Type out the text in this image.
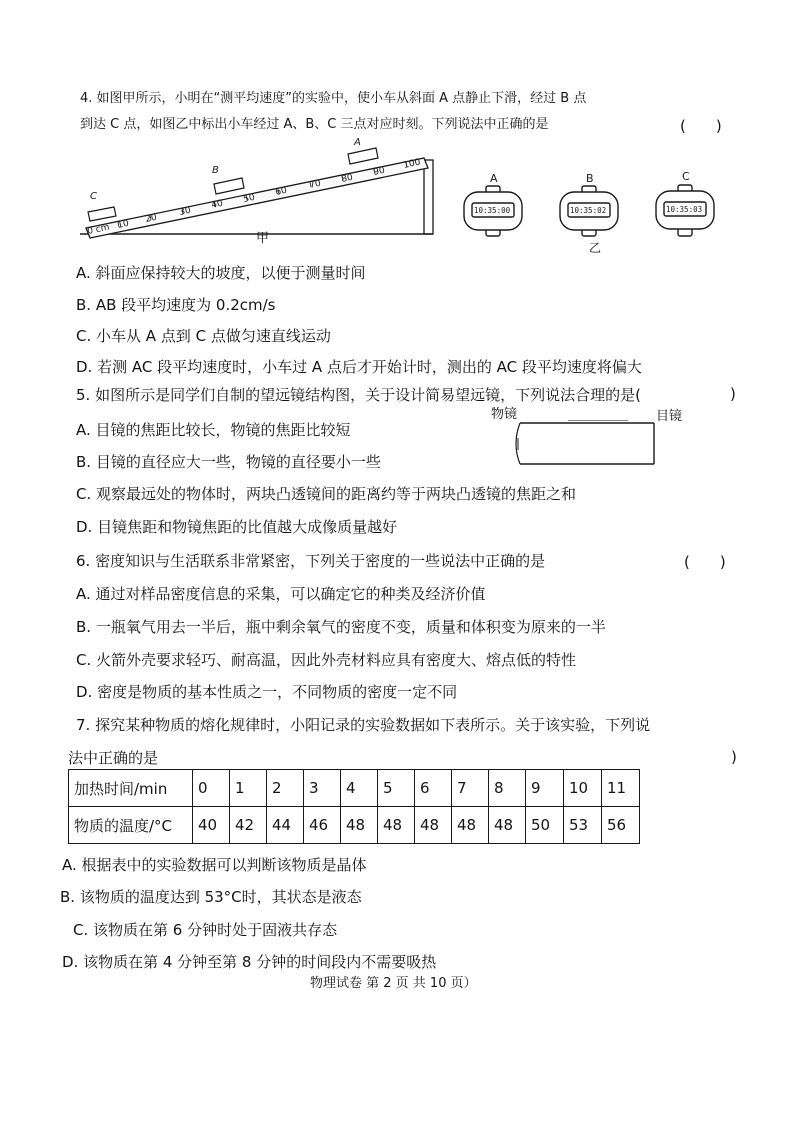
4. 如图甲所示，小明在“测平均速度”的实验中，使小车从斜面 A 点静止下滑，经过 B 点
到达 C 点，如图乙中标出小车经过 A、B、C 三点对应时刻。下列说法中正确的是	(　　)
0 cm 10 20
30
40 50
60
70 80
90
100
A
B
C
甲
A	B	C
10:35:00	10:35:02	10:35:03
乙
A. 斜面应保持较大的坡度，以便于测量时间
B. AB 段平均速度为 0.2cm/s
C. 小车从 A 点到 C 点做匀速直线运动
D. 若测 AC 段平均速度时，小车过 A 点后才开始计时，测出的 AC 段平均速度将偏大
5. 如图所示是同学们自制的望远镜结构图，关于设计简易望远镜，下列说法合理的是(	)
物镜	目镜
A. 目镜的焦距比较长，物镜的焦距比较短
B. 目镜的直径应大一些，物镜的直径要小一些
C. 观察最远处的物体时，两块凸透镜间的距离约等于两块凸透镜的焦距之和
D. 目镜焦距和物镜焦距的比值越大成像质量越好
6. 密度知识与生活联系非常紧密，下列关于密度的一些说法中正确的是	(　　)
A. 通过对样品密度信息的采集，可以确定它的种类及经济价值
B. 一瓶氧气用去一半后，瓶中剩余氧气的密度不变，质量和体积变为原来的一半
C. 火箭外壳要求轻巧、耐高温，因此外壳材料应具有密度大、熔点低的特性
D. 密度是物质的基本性质之一，不同物质的密度一定不同
7. 探究某种物质的熔化规律时，小阳记录的实验数据如下表所示。关于该实验，下列说
法中正确的是	)
加热时间/min	0	1	2	3	4	5	6	7	8	9	10	11
物质的温度/°C	40	42	44	46	48	48	48	48	48	50	53	56
A. 根据表中的实验数据可以判断该物质是晶体
B. 该物质的温度达到 53°C时，其状态是液态
C. 该物质在第 6 分钟时处于固液共存态
D. 该物质在第 4 分钟至第 8 分钟的时间段内不需要吸热
物理试卷 第 2 页 共 10 页）
